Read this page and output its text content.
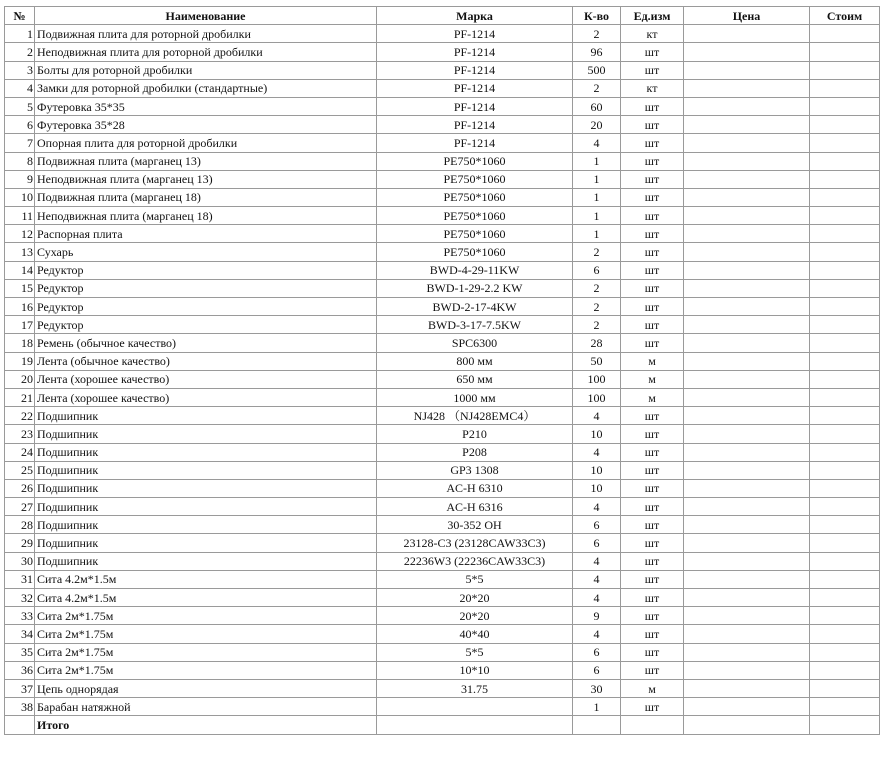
№	Наименование	Марка	К-во	Ед.изм	Цена	Стоим
1	Подвижная плита для роторной дробилки	PF-1214	2	кт		
2	Неподвижная плита для роторной дробилки	PF-1214	96	шт		
3	Болты для роторной дробилки	PF-1214	500	шт		
4	Замки для роторной дробилки (стандартные)	PF-1214	2	кт		
5	Футеровка 35*35	PF-1214	60	шт		
6	Футеровка 35*28	PF-1214	20	шт		
7	Опорная плита для роторной дробилки	PF-1214	4	шт		
8	Подвижная плита (марганец 13)	PE750*1060	1	шт		
9	Неподвижная плита (марганец 13)	PE750*1060	1	шт		
10	Подвижная плита (марганец 18)	PE750*1060	1	шт		
11	Неподвижная плита (марганец 18)	PE750*1060	1	шт		
12	Распорная плита	PE750*1060	1	шт		
13	Сухарь	PE750*1060	2	шт		
14	Редуктор	BWD-4-29-11KW	6	шт		
15	Редуктор	BWD-1-29-2.2 KW	2	шт		
16	Редуктор	BWD-2-17-4KW	2	шт		
17	Редуктор	BWD-3-17-7.5KW	2	шт		
18	Ремень (обычное качество)	SPC6300	28	шт		
19	Лента (обычное качество)	800 мм	50	м		
20	Лента (хорошее качество)	650 мм	100	м		
21	Лента (хорошее качество)	1000 мм	100	м		
22	Подшипник	NJ428 （NJ428EMC4）	4	шт		
23	Подшипник	P210	10	шт		
24	Подшипник	P208	4	шт		
25	Подшипник	GP3 1308	10	шт		
26	Подшипник	AC-H 6310	10	шт		
27	Подшипник	AC-H 6316	4	шт		
28	Подшипник	30-352 OH	6	шт		
29	Подшипник	23128-C3 (23128CAW33C3)	6	шт		
30	Подшипник	22236W3 (22236CAW33C3)	4	шт		
31	Сита 4.2м*1.5м	5*5	4	шт		
32	Сита 4.2м*1.5м	20*20	4	шт		
33	Сита 2м*1.75м	20*20	9	шт		
34	Сита 2м*1.75м	40*40	4	шт		
35	Сита 2м*1.75м	5*5	6	шт		
36	Сита 2м*1.75м	10*10	6	шт		
37	Цепь однорядая	31.75	30	м		
38	Барабан натяжной		1	шт		
	Итого					
